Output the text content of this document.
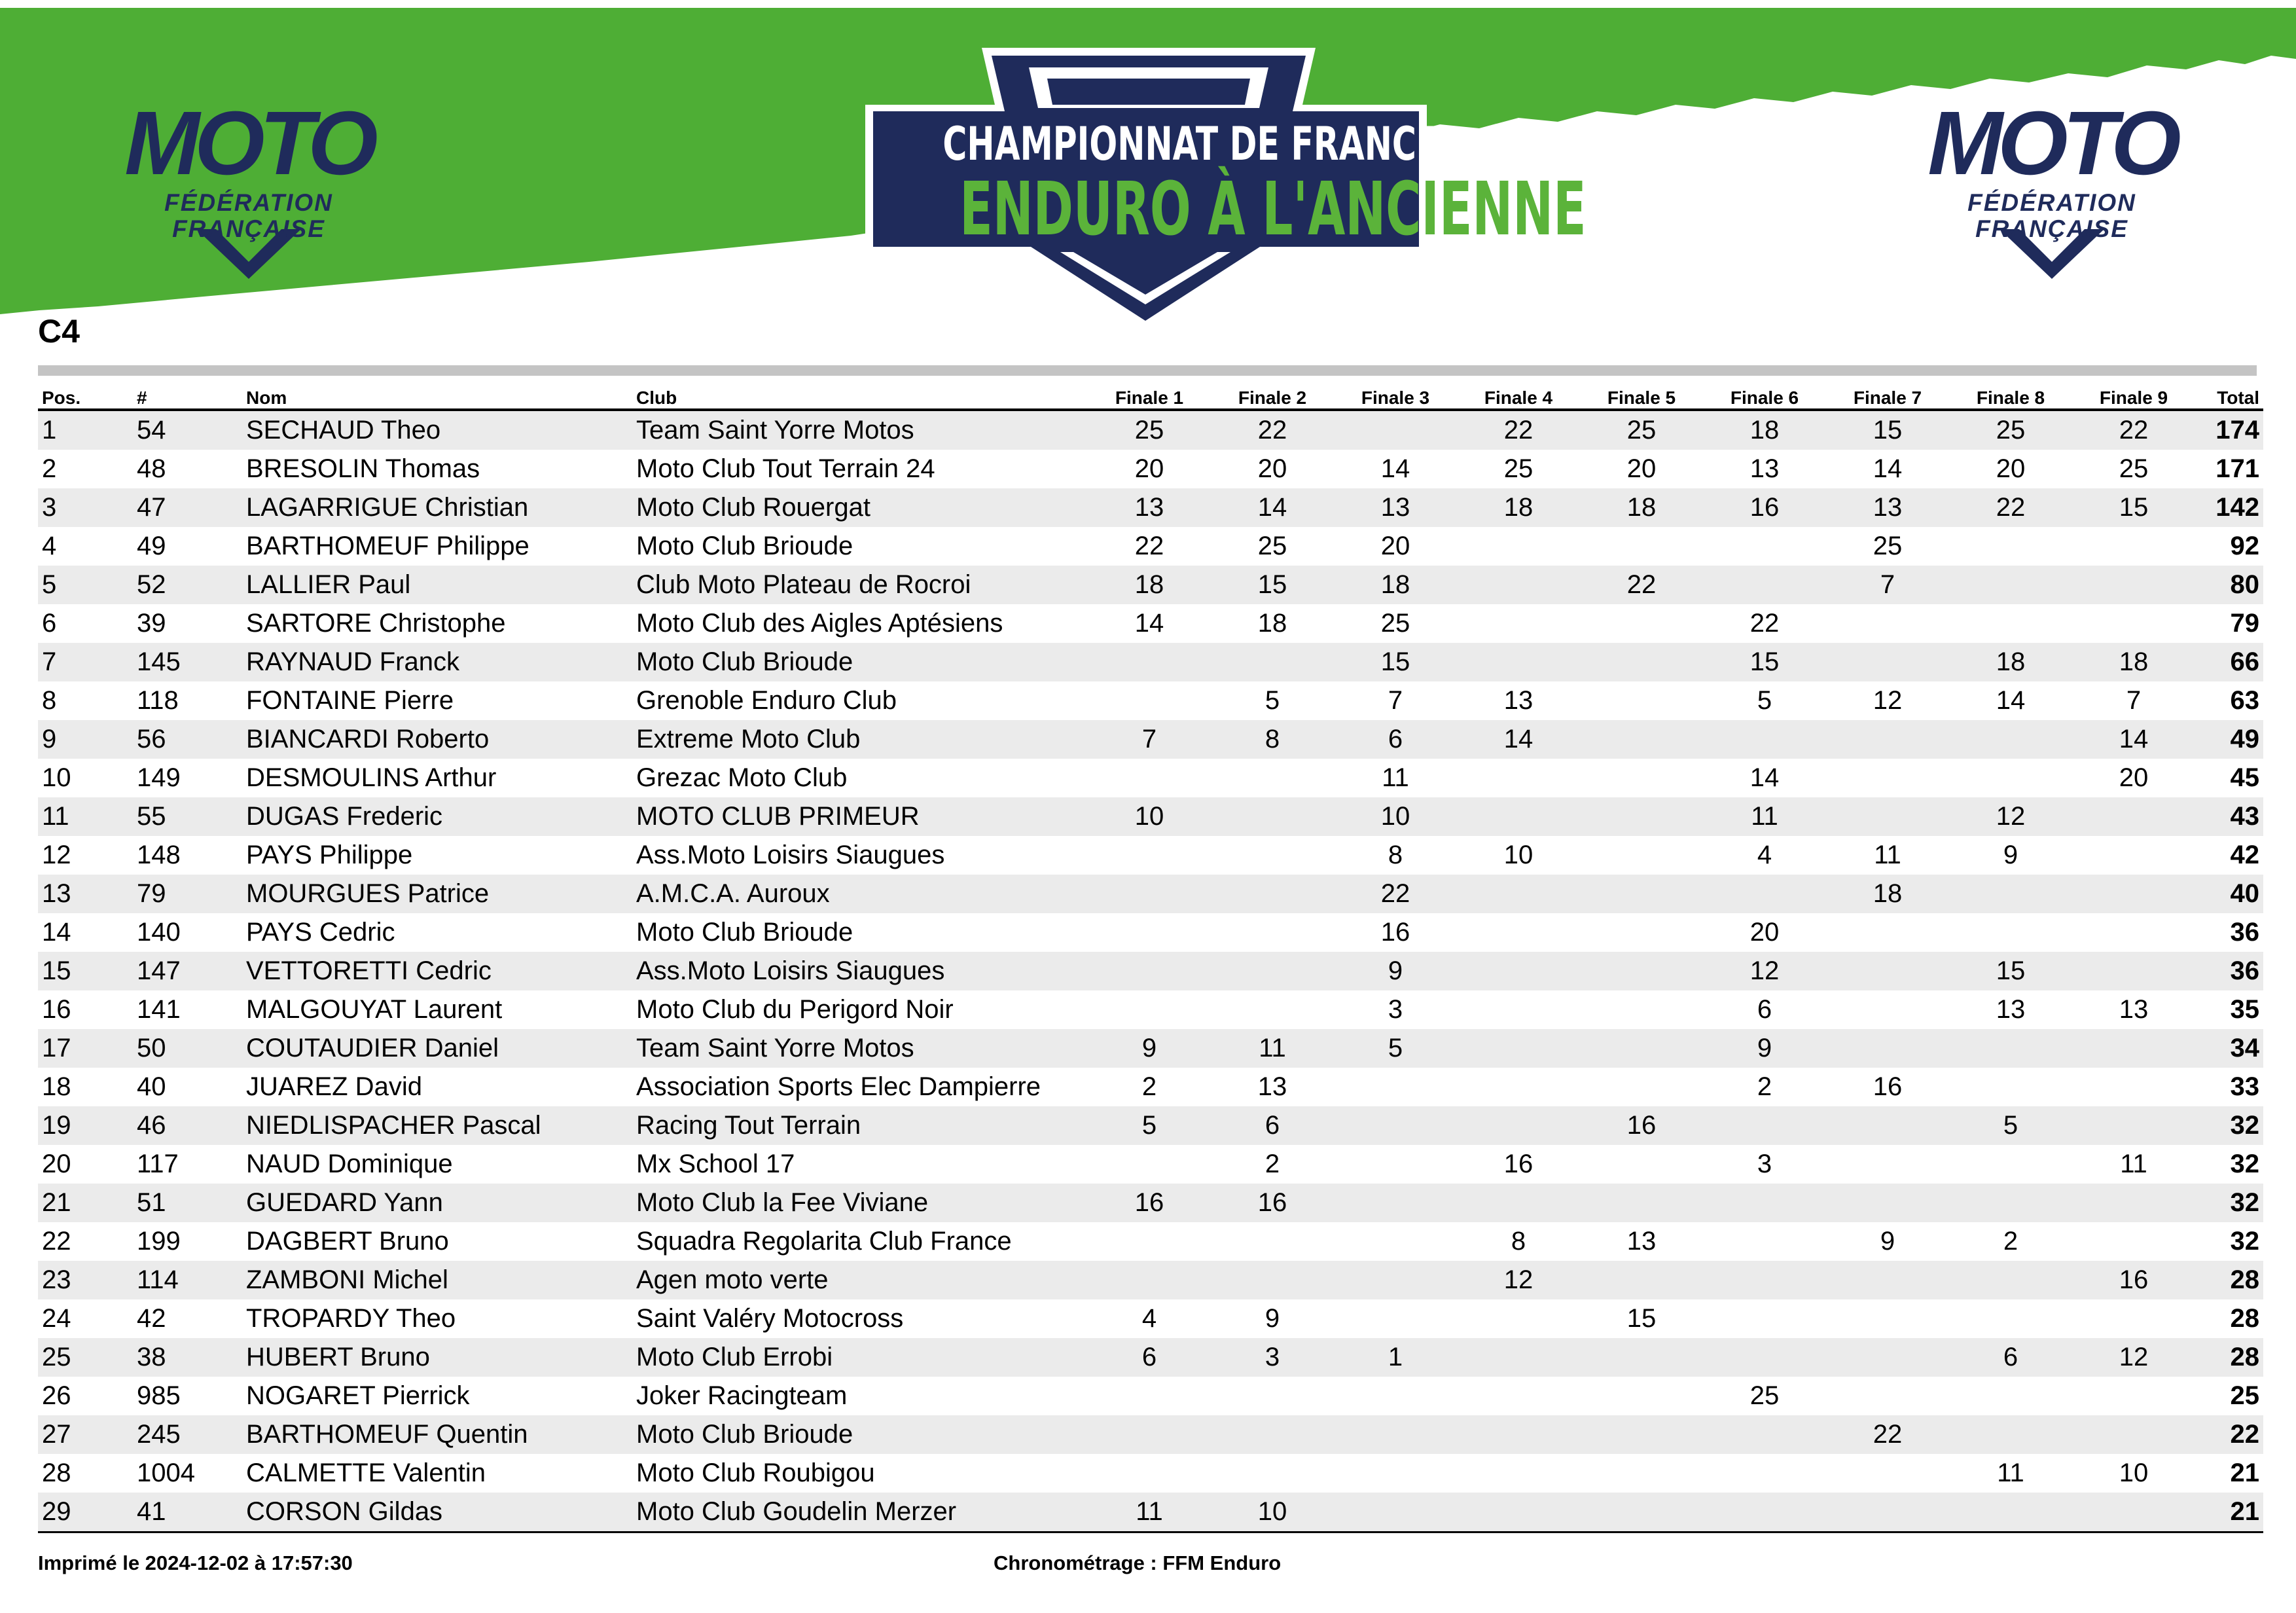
MOTO
FÉDÉRATION
FRANÇAISE
MOTO
FÉDÉRATION
FRANÇAISE
CHAMPIONNAT DE FRANCE
ENDURO À L'ANCIENNE
C4
Pos.	#	Nom	Club	Finale 1	Finale 2	Finale 3	Finale 4	Finale 5	Finale 6	Finale 7	Finale 8	Finale 9	Total
1	54	SECHAUD Theo	Team Saint Yorre Motos	25	22		22	25	18	15	25	22	174
2	48	BRESOLIN Thomas	Moto Club Tout Terrain 24	20	20	14	25	20	13	14	20	25	171
3	47	LAGARRIGUE Christian	Moto Club Rouergat	13	14	13	18	18	16	13	22	15	142
4	49	BARTHOMEUF Philippe	Moto Club Brioude	22	25	20				25			92
5	52	LALLIER Paul	Club Moto Plateau de Rocroi	18	15	18		22		7			80
6	39	SARTORE Christophe	Moto Club des Aigles Aptésiens	14	18	25			22				79
7	145	RAYNAUD Franck	Moto Club Brioude			15			15		18	18	66
8	118	FONTAINE Pierre	Grenoble Enduro Club		5	7	13		5	12	14	7	63
9	56	BIANCARDI Roberto	Extreme Moto Club	7	8	6	14					14	49
10	149	DESMOULINS Arthur	Grezac Moto Club			11			14			20	45
11	55	DUGAS Frederic	MOTO CLUB PRIMEUR	10		10			11		12		43
12	148	PAYS Philippe	Ass.Moto Loisirs Siaugues			8	10		4	11	9		42
13	79	MOURGUES Patrice	A.M.C.A. Auroux			22				18			40
14	140	PAYS Cedric	Moto Club Brioude			16			20				36
15	147	VETTORETTI Cedric	Ass.Moto Loisirs Siaugues			9			12		15		36
16	141	MALGOUYAT Laurent	Moto Club du Perigord Noir			3			6		13	13	35
17	50	COUTAUDIER Daniel	Team Saint Yorre Motos	9	11	5			9				34
18	40	JUAREZ David	Association Sports Elec Dampierre	2	13				2	16			33
19	46	NIEDLISPACHER Pascal	Racing Tout Terrain	5	6			16			5		32
20	117	NAUD Dominique	Mx School 17		2		16		3			11	32
21	51	GUEDARD Yann	Moto Club la Fee Viviane	16	16								32
22	199	DAGBERT Bruno	Squadra Regolarita Club France				8	13		9	2		32
23	114	ZAMBONI Michel	Agen moto verte				12					16	28
24	42	TROPARDY Theo	Saint Valéry Motocross	4	9			15					28
25	38	HUBERT Bruno	Moto Club Errobi	6	3	1					6	12	28
26	985	NOGARET Pierrick	Joker Racingteam						25				25
27	245	BARTHOMEUF Quentin	Moto Club Brioude							22			22
28	1004	CALMETTE Valentin	Moto Club Roubigou								11	10	21
29	41	CORSON Gildas	Moto Club Goudelin Merzer	11	10								21
Imprimé le 2024-12-02 à 17:57:30	Chronométrage : FFM Enduro
